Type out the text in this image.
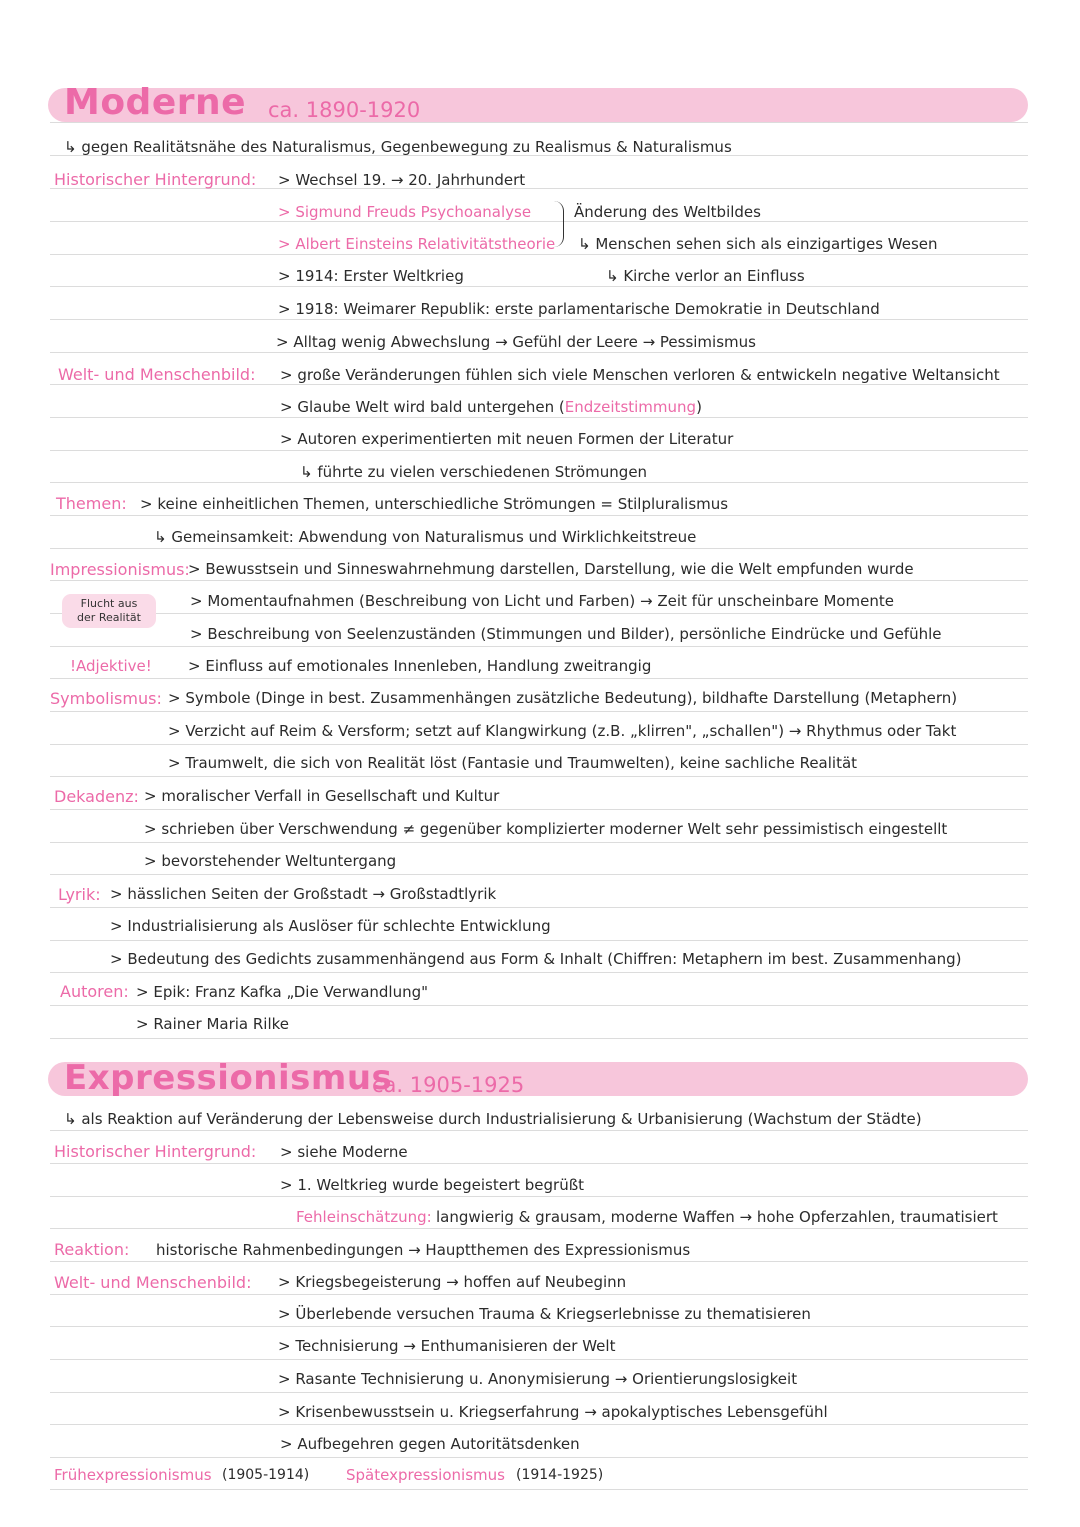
Moderne ca. 1890-1920
↳ gegen Realitätsnähe des Naturalismus, Gegenbewegung zu Realismus & Naturalismus
Historischer Hintergrund: > Wechsel 19. → 20. Jahrhundert
> Sigmund Freuds Psychoanalyse
> Albert Einsteins Relativitätstheorie
Änderung des Weltbildes
↳ Menschen sehen sich als einzigartiges Wesen
↳ Kirche verlor an Einfluss
> 1914: Erster Weltkrieg
> 1918: Weimarer Republik: erste parlamentarische Demokratie in Deutschland
> Alltag wenig Abwechslung → Gefühl der Leere → Pessimismus
Welt- und Menschenbild: > große Veränderungen fühlen sich viele Menschen verloren & entwickeln negative Weltansicht
> Glaube Welt wird bald untergehen (Endzeitstimmung)
> Autoren experimentierten mit neuen Formen der Literatur
↳ führte zu vielen verschiedenen Strömungen
Themen: > keine einheitlichen Themen, unterschiedliche Strömungen = Stilpluralismus
↳ Gemeinsamkeit: Abwendung von Naturalismus und Wirklichkeitstreue
Impressionismus:
> Bewusstsein und Sinneswahrnehmung darstellen, Darstellung, wie die Welt empfunden wurde
Flucht aus
der Realität
> Momentaufnahmen (Beschreibung von Licht und Farben) → Zeit für unscheinbare Momente
> Beschreibung von Seelenzuständen (Stimmungen und Bilder), persönliche Eindrücke und Gefühle
!Adjektive! > Einfluss auf emotionales Innenleben, Handlung zweitrangig
Symbolismus: > Symbole (Dinge in best. Zusammenhängen zusätzliche Bedeutung), bildhafte Darstellung (Metaphern)
> Verzicht auf Reim & Versform; setzt auf Klangwirkung (z.B. „klirren", „schallen") → Rhythmus oder Takt
> Traumwelt, die sich von Realität löst (Fantasie und Traumwelten), keine sachliche Realität
Dekadenz: > moralischer Verfall in Gesellschaft und Kultur
> schrieben über Verschwendung ≠ gegenüber komplizierter moderner Welt sehr pessimistisch eingestellt
> bevorstehender Weltuntergang
Lyrik: > hässlichen Seiten der Großstadt → Großstadtlyrik
> Industrialisierung als Auslöser für schlechte Entwicklung
> Bedeutung des Gedichts zusammenhängend aus Form & Inhalt (Chiffren: Metaphern im best. Zusammenhang)
Autoren: > Epik: Franz Kafka „Die Verwandlung"
> Rainer Maria Rilke
Expressionismus
ca. 1905-1925
↳ als Reaktion auf Veränderung der Lebensweise durch Industrialisierung & Urbanisierung (Wachstum der Städte)
Historischer Hintergrund: > siehe Moderne
> 1. Weltkrieg wurde begeistert begrüßt
Fehleinschätzung: langwierig & grausam, moderne Waffen → hohe Opferzahlen, traumatisiert
Reaktion: historische Rahmenbedingungen → Hauptthemen des Expressionismus
Welt- und Menschenbild: > Kriegsbegeisterung → hoffen auf Neubeginn
> Überlebende versuchen Trauma & Kriegserlebnisse zu thematisieren
> Technisierung → Enthumanisieren der Welt
> Rasante Technisierung u. Anonymisierung → Orientierungslosigkeit
> Krisenbewusstsein u. Kriegserfahrung → apokalyptisches Lebensgefühl
> Aufbegehren gegen Autoritätsdenken
Frühexpressionismus (1905-1914) Spätexpressionismus (1914-1925)
